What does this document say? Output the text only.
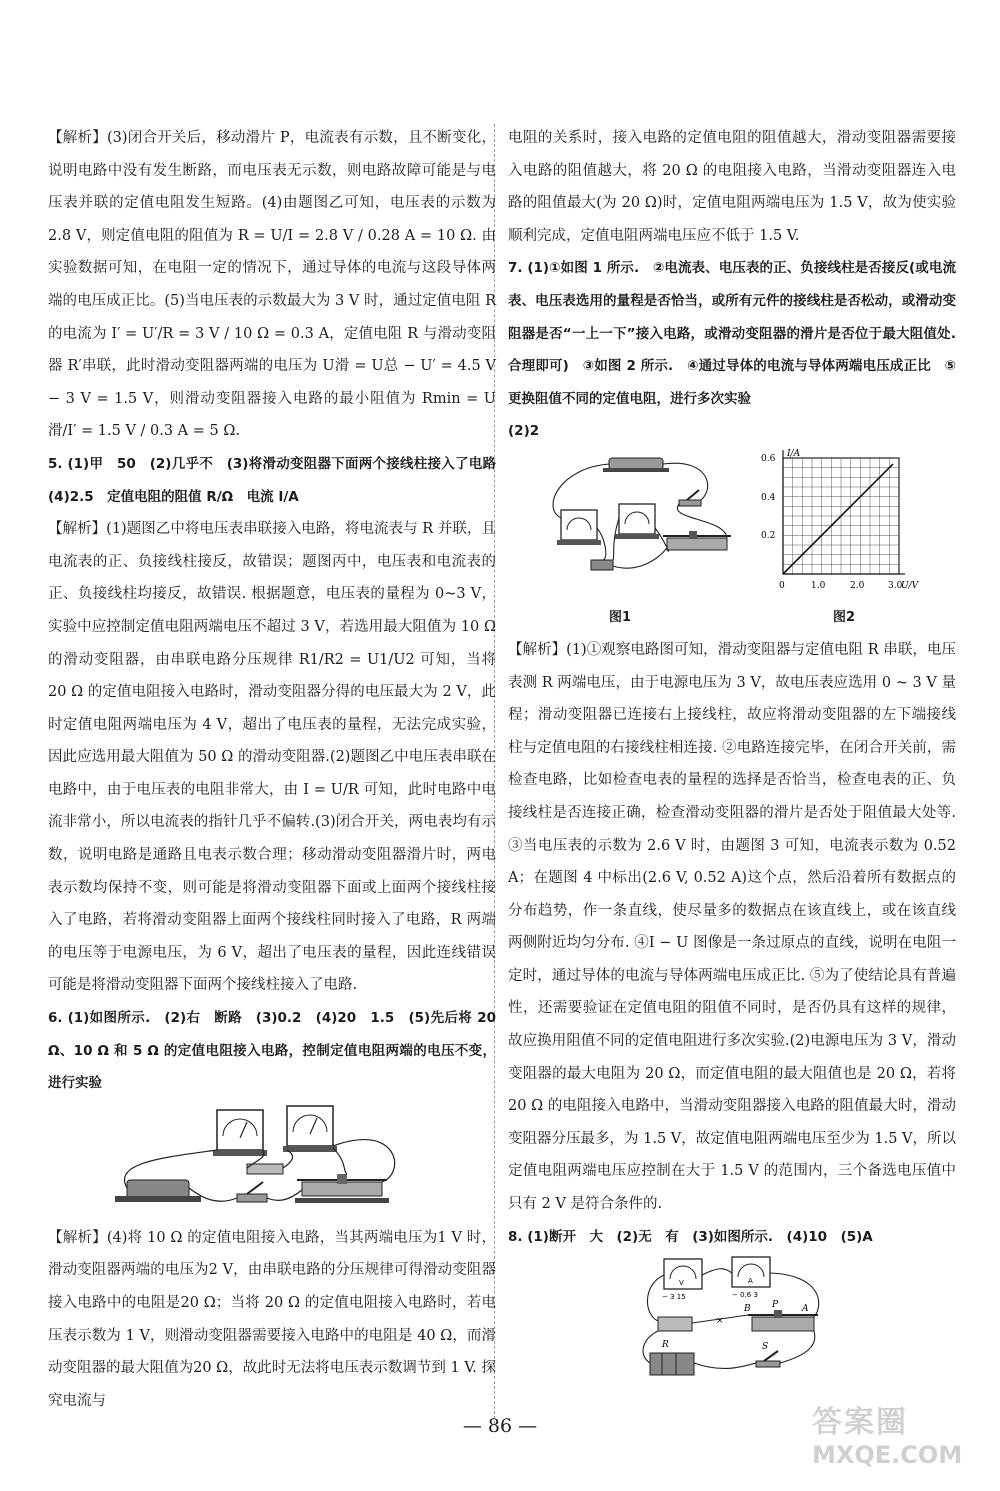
【解析】(3)闭合开关后，移动滑片 P，电流表有示数，且不断变化，说明电路中没有发生断路，而电压表无示数，则电路故障可能是与电压表并联的定值电阻发生短路。(4)由题图乙可知，电压表的示数为 2.8 V，则定值电阻的阻值为 R = U/I = 2.8 V / 0.28 A = 10 Ω. 由实验数据可知，在电阻一定的情况下，通过导体的电流与这段导体两端的电压成正比。(5)当电压表的示数最大为 3 V 时，通过定值电阻 R 的电流为 I′ = U′/R = 3 V / 10 Ω = 0.3 A，定值电阻 R 与滑动变阻器 R′串联，此时滑动变阻器两端的电压为 U滑 = U总 − U′ = 4.5 V − 3 V = 1.5 V，则滑动变阻器接入电路的最小阻值为 Rmin = U滑/I′ = 1.5 V / 0.3 A = 5 Ω.

5. (1)甲　50　(2)几乎不　(3)将滑动变阻器下面两个接线柱接入了电路　(4)2.5　定值电阻的阻值 R/Ω　电流 I/A

【解析】(1)题图乙中将电压表串联接入电路，将电流表与 R 并联，且电流表的正、负接线柱接反，故错误；题图丙中，电压表和电流表的正、负接线柱均接反，故错误. 根据题意，电压表的量程为 0~3 V，实验中应控制定值电阻两端电压不超过 3 V，若选用最大阻值为 10 Ω 的滑动变阻器，由串联电路分压规律 R1/R2 = U1/U2 可知，当将 20 Ω 的定值电阻接入电路时，滑动变阻器分得的电压最大为 2 V，此时定值电阻两端电压为 4 V，超出了电压表的量程，无法完成实验，因此应选用最大阻值为 50 Ω 的滑动变阻器.(2)题图乙中电压表串联在电路中，由于电压表的电阻非常大，由 I = U/R 可知，此时电路中电流非常小，所以电流表的指针几乎不偏转.(3)闭合开关，两电表均有示数，说明电路是通路且电表示数合理；移动滑动变阻器滑片时，两电表示数均保持不变，则可能是将滑动变阻器下面或上面两个接线柱接入了电路，若将滑动变阻器上面两个接线柱同时接入了电路，R 两端的电压等于电源电压，为 6 V，超出了电压表的量程，因此连线错误可能是将滑动变阻器下面两个接线柱接入了电路.

6. (1)如图所示.　(2)右　断路　(3)0.2　(4)20　1.5　(5)先后将 20 Ω、10 Ω 和 5 Ω 的定值电阻接入电路，控制定值电阻两端的电压不变，进行实验

【解析】(4)将 10 Ω 的定值电阻接入电路，当其两端电压为1 V 时，滑动变阻器两端的电压为2 V，由串联电路的分压规律可得滑动变阻器接入电路中的电阻是20 Ω；当将 20 Ω 的定值电阻接入电路时，若电压表示数为 1 V，则滑动变阻器需要接入电路中的电阻是 40 Ω，而滑动变阻器的最大阻值为20 Ω，故此时无法将电压表示数调节到 1 V. 探究电流与

电阻的关系时，接入电路的定值电阻的阻值越大，滑动变阻器需要接入电路的阻值越大，将 20 Ω 的电阻接入电路，当滑动变阻器连入电路的阻值最大(为 20 Ω)时，定值电阻两端电压为 1.5 V，故为使实验顺利完成，定值电阻两端电压应不低于 1.5 V.

7. (1)①如图 1 所示.　②电流表、电压表的正、负接线柱是否接反(或电流表、电压表选用的量程是否恰当，或所有元件的接线柱是否松动，或滑动变阻器是否“一上一下”接入电路，或滑动变阻器的滑片是否位于最大阻值处. 合理即可)　③如图 2 所示.　④通过导体的电流与导体两端电压成正比　⑤更换阻值不同的定值电阻，进行多次实验

(2)2

I/A
U/V
0.6
0.4
0.2
0	1.0	2.0	3.0
图1	图2

【解析】(1)①观察电路图可知，滑动变阻器与定值电阻 R 串联，电压表测 R 两端电压，由于电源电压为 3 V，故电压表应选用 0 ~ 3 V 量程；滑动变阻器已连接右上接线柱，故应将滑动变阻器的左下端接线柱与定值电阻的右接线柱相连接. ②电路连接完毕，在闭合开关前，需检查电路，比如检查电表的量程的选择是否恰当，检查电表的正、负接线柱是否连接正确，检查滑动变阻器的滑片是否处于阻值最大处等. ③当电压表的示数为 2.6 V 时，由题图 3 可知，电流表示数为 0.52 A；在题图 4 中标出(2.6 V, 0.52 A)这个点，然后沿着所有数据点的分布趋势，作一条直线，使尽量多的数据点在该直线上，或在该直线两侧附近均匀分布. ④I − U 图像是一条过原点的直线，说明在电阻一定时，通过导体的电流与导体两端电压成正比. ⑤为了使结论具有普遍性，还需要验证在定值电阻的阻值不同时，是否仍具有这样的规律，故应换用阻值不同的定值电阻进行多次实验.(2)电源电压为 3 V，滑动变阻器的最大电阻为 20 Ω，而定值电阻的最大阻值也是 20 Ω，若将 20 Ω 的电阻接入电路中，当滑动变阻器接入电路的阻值最大时，滑动变阻器分压最多，为 1.5 V，故定值电阻两端电压至少为 1.5 V，所以定值电阻两端电压应控制在大于 1.5 V 的范围内，三个备选电压值中只有 2 V 是符合条件的.

8. (1)断开　大　(2)无　有　(3)如图所示.　(4)10　(5)A

V
− 3 15
A
− 0.6 3
R
B P	A
S
×
— 86 —	答案圈
MXQE.COM
